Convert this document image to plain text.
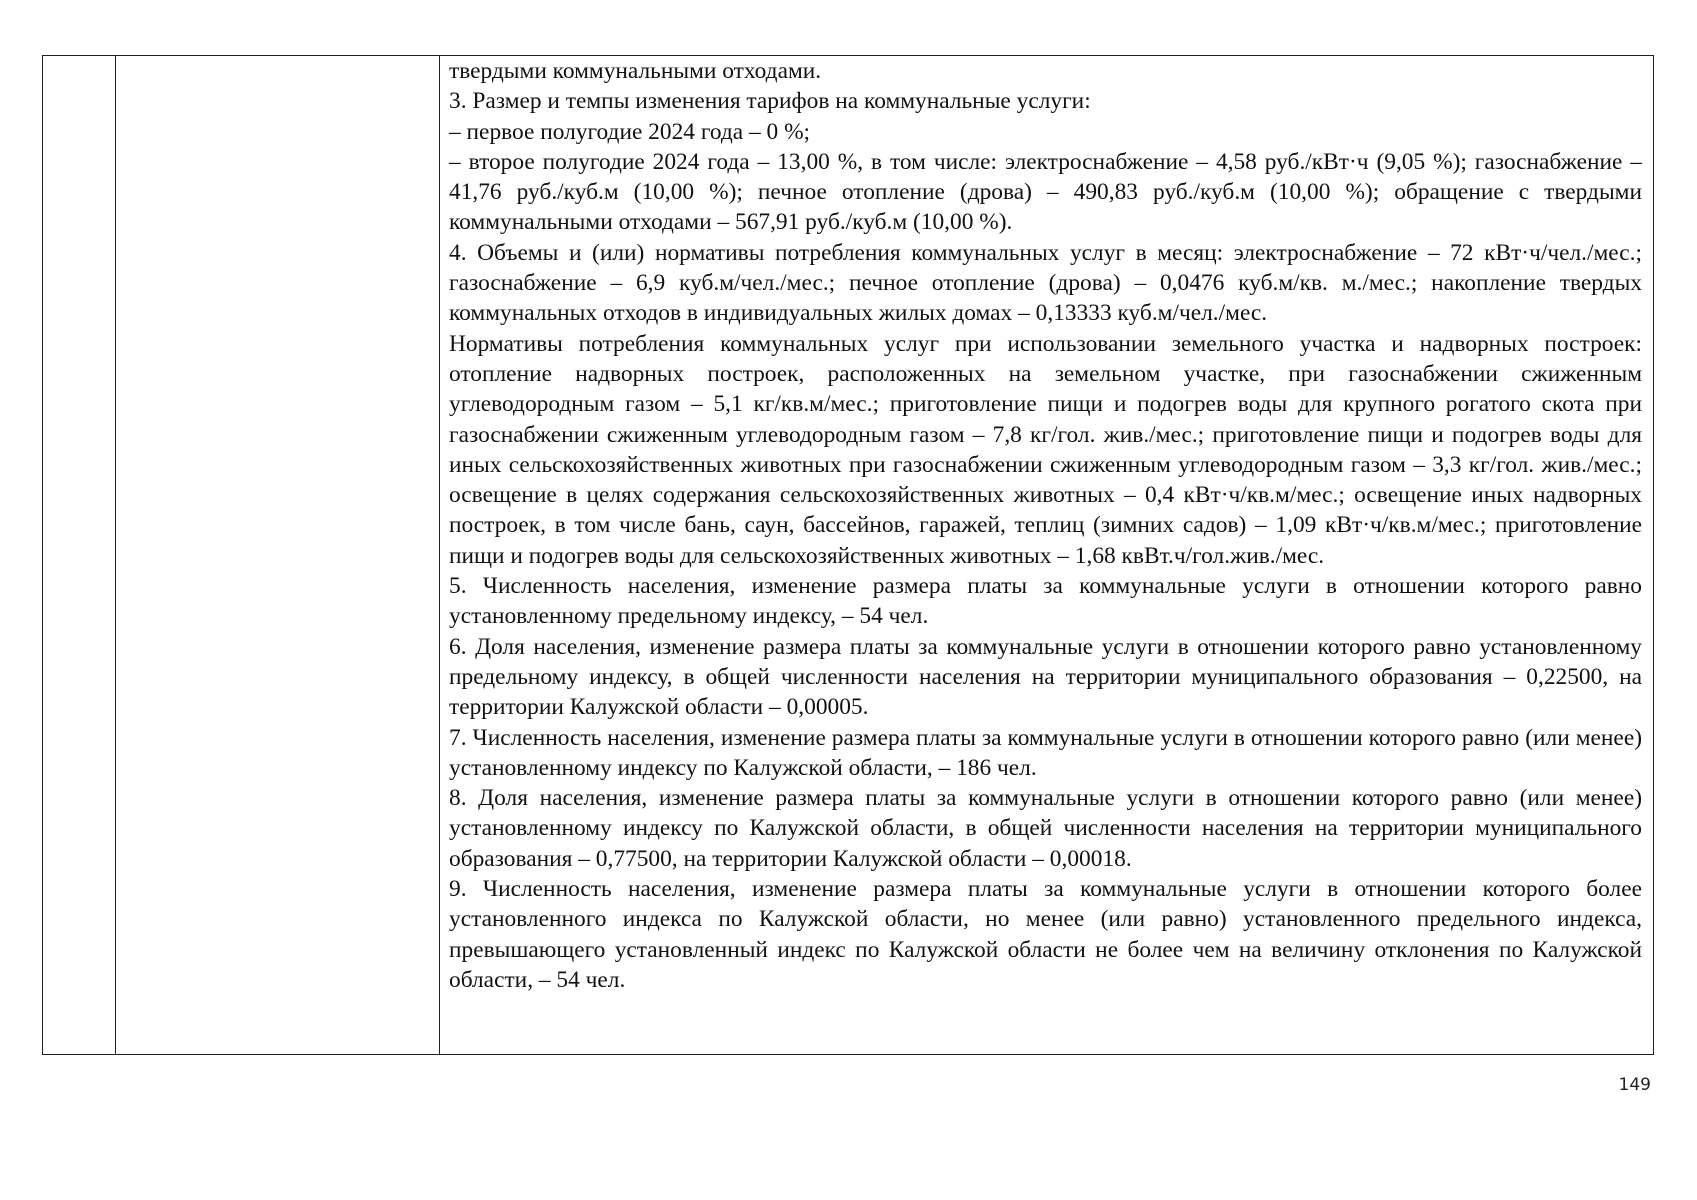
твердыми коммунальными отходами.

3. Размер и темпы изменения тарифов на коммунальные услуги:

– первое полугодие 2024 года – 0 %;

– второе полугодие 2024 года – 13,00 %, в том числе: электроснабжение – 4,58 руб./кВт·ч (9,05 %); газоснабжение – 41,76 руб./куб.м (10,00 %); печное отопление (дрова) – 490,83 руб./куб.м (10,00 %); обращение с твердыми коммунальными отходами – 567,91 руб./куб.м (10,00 %).

4. Объемы и (или) нормативы потребления коммунальных услуг в месяц: электроснабжение – 72 кВт·ч/чел./мес.; газоснабжение – 6,9 куб.м/чел./мес.; печное отопление (дрова) – 0,0476 куб.м/кв. м./мес.; накопление твердых коммунальных отходов в индивидуальных жилых домах – 0,13333 куб.м/чел./мес.

Нормативы потребления коммунальных услуг при использовании земельного участка и надворных построек: отопление надворных построек, расположенных на земельном участке, при газоснабжении сжиженным углеводородным газом – 5,1 кг/кв.м/мес.; приготовление пищи и подогрев воды для крупного рогатого скота при газоснабжении сжиженным углеводородным газом – 7,8 кг/гол. жив./мес.; приготовление пищи и подогрев воды для иных сельскохозяйственных животных при газоснабжении сжиженным углеводородным газом – 3,3 кг/гол. жив./мес.; освещение в целях содержания сельскохозяйственных животных – 0,4 кВт·ч/кв.м/мес.; освещение иных надворных построек, в том числе бань, саун, бассейнов, гаражей, теплиц (зимних садов) – 1,09 кВт·ч/кв.м/мес.; приготовление пищи и подогрев воды для сельскохозяйственных животных – 1,68 квВт.ч/гол.жив./мес.

5. Численность населения, изменение размера платы за коммунальные услуги в отношении которого равно установленному предельному индексу, – 54 чел.

6. Доля населения, изменение размера платы за коммунальные услуги в отношении которого равно установленному предельному индексу, в общей численности населения на территории муниципального образования – 0,22500, на территории Калужской области – 0,00005.

7. Численность населения, изменение размера платы за коммунальные услуги в отношении которого равно (или менее) установленному индексу по Калужской области, – 186 чел.

8. Доля населения, изменение размера платы за коммунальные услуги в отношении которого равно (или менее) установленному индексу по Калужской области, в общей численности населения на территории муниципального образования – 0,77500, на территории Калужской области – 0,00018.

9. Численность населения, изменение размера платы за коммунальные услуги в отношении которого более установленного индекса по Калужской области, но менее (или равно) установленного предельного индекса, превышающего установленный индекс по Калужской области не более чем на величину отклонения по Калужской области, – 54 чел.

149
